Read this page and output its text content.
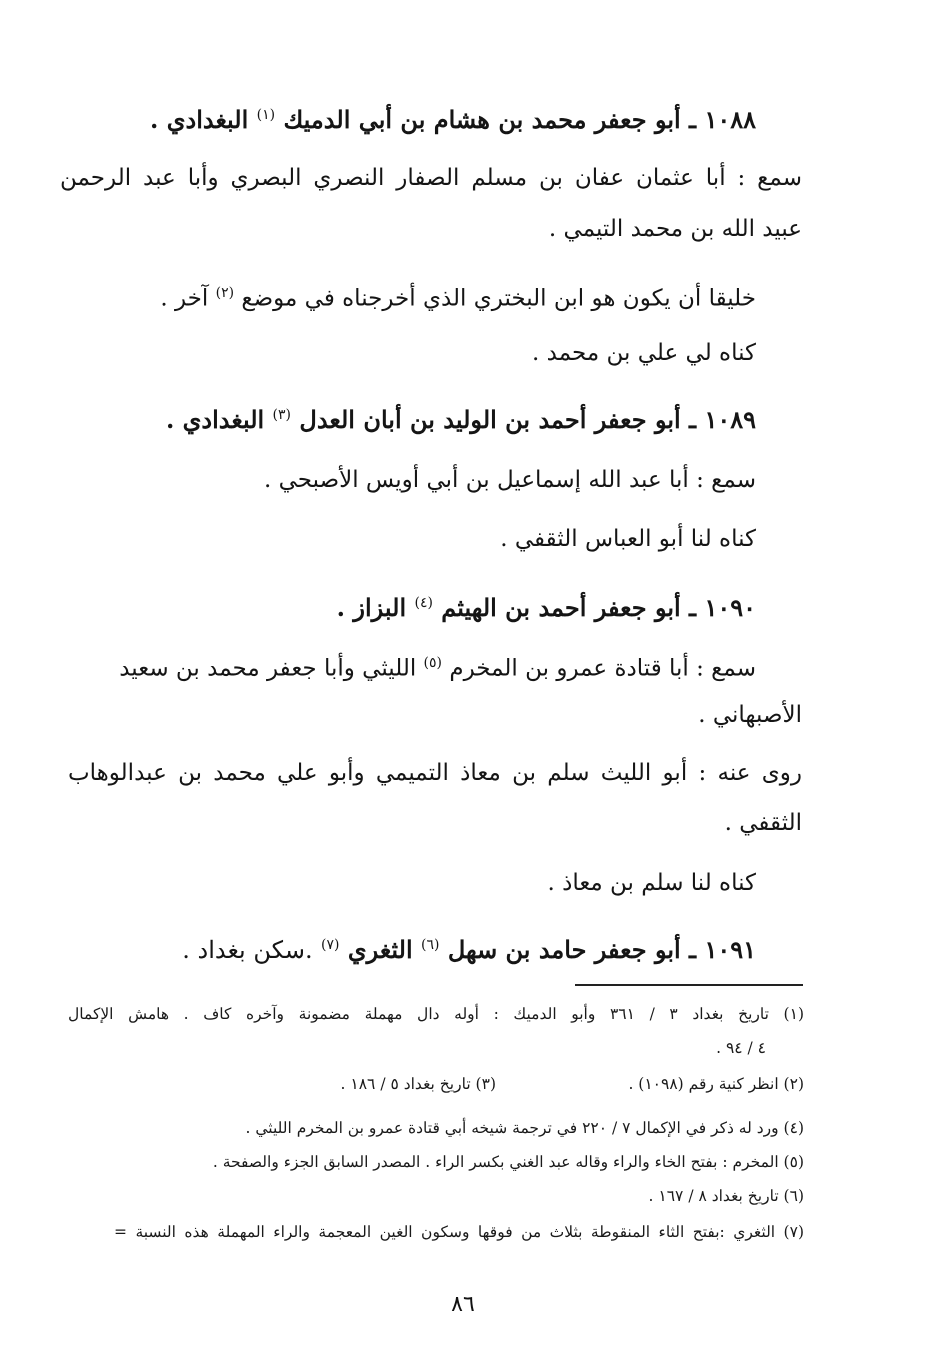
١٠٨٨ ـ أبو جعفر محمد بن هشام بن أبي الدميك $^{(١)}$ البغدادي .
سمع : أبا عثمان عفان بن مسلم الصفار النصري البصري وأبا عبد الرحمن
عبيد الله بن محمد التيمي .
خليقا أن يكون هو ابن البختري الذي أخرجناه في موضع $^{(٢)}$ آخر .
كناه لي علي بن محمد .
١٠٨٩ ـ أبو جعفر أحمد بن الوليد بن أبان العدل $^{(٣)}$ البغدادي .
سمع : أبا عبد الله إسماعيل بن أبي أويس الأصبحي .
كناه لنا أبو العباس الثقفي .
١٠٩٠ ـ أبو جعفر أحمد بن الهيثم $^{(٤)}$ البزاز .
سمع : أبا قتادة عمرو بن المخرم $^{(٥)}$ الليثي وأبا جعفر محمد بن سعيد
الأصبهاني .
روى عنه : أبو الليث سلم بن معاذ التميمي وأبو علي محمد بن عبدالوهاب
الثقفي .
كناه لنا سلم بن معاذ .
١٠٩١ ـ أبو جعفر حامد بن سهل $^{(٦)}$ الثغري $^{(٧)}$ .سكن بغداد .
(١) تاريخ بغداد ٣ / ٣٦١ وأبو الدميك : أوله دال مهملة مضمونة وآخره كاف . هامش الإكمال
٤ / ٩٤ .
(٢) انظر كنية رقم (١٠٩٨) .
(٣) تاريخ بغداد ٥ / ١٨٦ .
(٤) ورد له ذكر في الإكمال ٧ / ٢٢٠ في ترجمة شيخه أبي قتادة عمرو بن المخرم الليثي .
(٥) المخرم : بفتح الخاء والراء وقاله عبد الغني بكسر الراء . المصدر السابق الجزء والصفحة .
(٦) تاريخ بغداد ٨ / ١٦٧ .
(٧) الثغري :بفتح الثاء المنقوطة بثلاث من فوقها وسكون الغين المعجمة والراء المهملة هذه النسبة =
٨٦
